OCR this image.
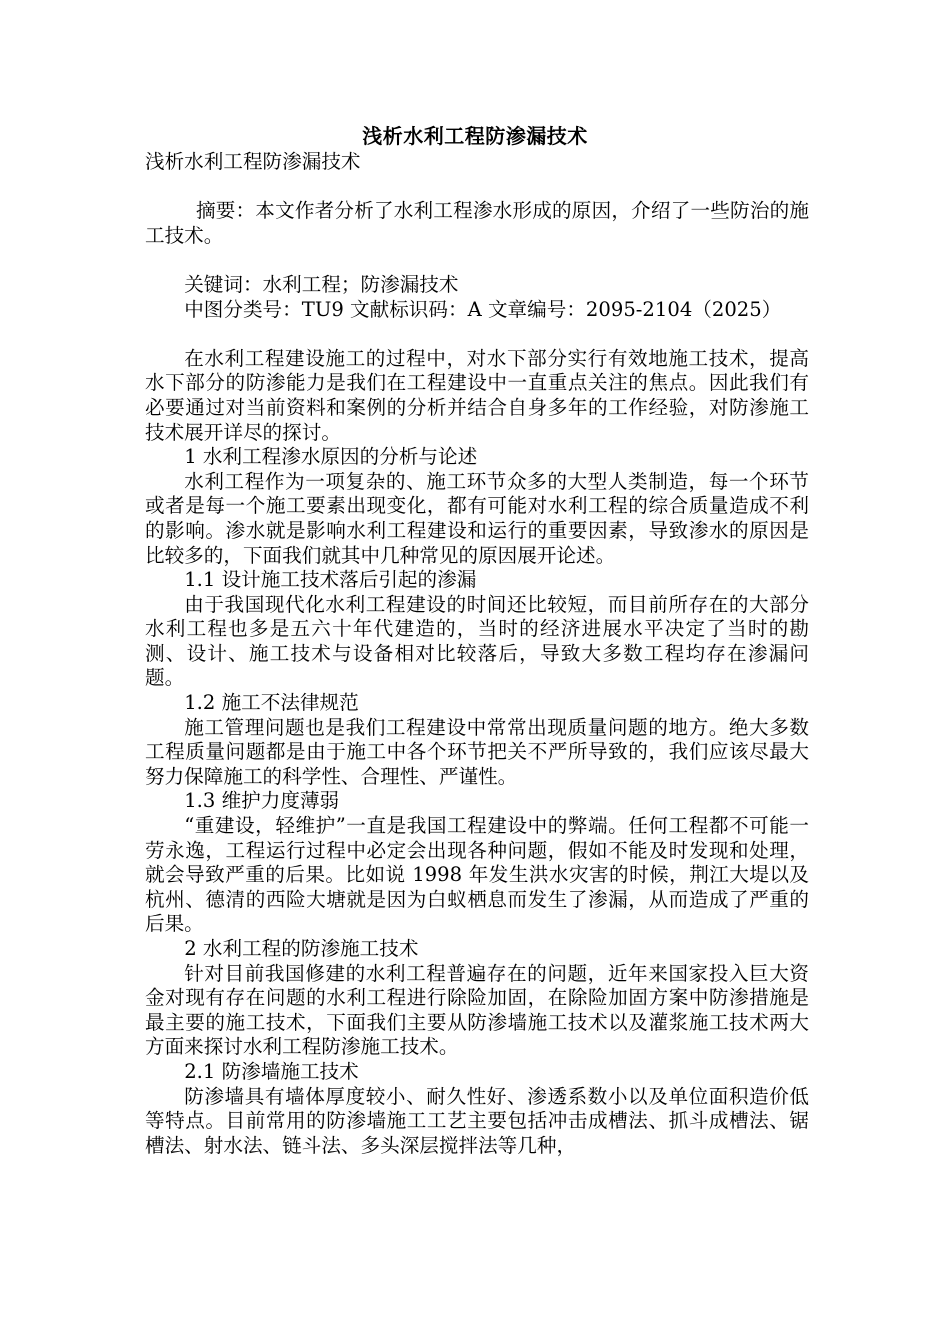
浅析水利工程防渗漏技术

浅析水利工程防渗漏技术

摘要：本文作者分析了水利工程渗水形成的原因，介绍了一些防治的施工技术。

关键词：水利工程；防渗漏技术

中图分类号：TU9 文献标识码：A 文章编号：2095-2104（2025）

在水利工程建设施工的过程中，对水下部分实行有效地施工技术，提高水下部分的防渗能力是我们在工程建设中一直重点关注的焦点。因此我们有必要通过对当前资料和案例的分析并结合自身多年的工作经验，对防渗施工技术展开详尽的探讨。

1 水利工程渗水原因的分析与论述

水利工程作为一项复杂的、施工环节众多的大型人类制造，每一个环节或者是每一个施工要素出现变化，都有可能对水利工程的综合质量造成不利的影响。渗水就是影响水利工程建设和运行的重要因素，导致渗水的原因是比较多的，下面我们就其中几种常见的原因展开论述。

1.1 设计施工技术落后引起的渗漏

由于我国现代化水利工程建设的时间还比较短，而目前所存在的大部分水利工程也多是五六十年代建造的，当时的经济进展水平决定了当时的勘测、设计、施工技术与设备相对比较落后，导致大多数工程均存在渗漏问题。

1.2 施工不法律规范

施工管理问题也是我们工程建设中常常出现质量问题的地方。绝大多数工程质量问题都是由于施工中各个环节把关不严所导致的，我们应该尽最大努力保障施工的科学性、合理性、严谨性。

1.3 维护力度薄弱

“重建设，轻维护”一直是我国工程建设中的弊端。任何工程都不可能一劳永逸，工程运行过程中必定会出现各种问题，假如不能及时发现和处理，就会导致严重的后果。比如说 1998 年发生洪水灾害的时候，荆江大堤以及杭州、德清的西险大塘就是因为白蚁栖息而发生了渗漏，从而造成了严重的后果。

2 水利工程的防渗施工技术

针对目前我国修建的水利工程普遍存在的问题，近年来国家投入巨大资金对现有存在问题的水利工程进行除险加固，在除险加固方案中防渗措施是最主要的施工技术，下面我们主要从防渗墙施工技术以及灌浆施工技术两大方面来探讨水利工程防渗施工技术。

2.1 防渗墙施工技术

防渗墙具有墙体厚度较小、耐久性好、渗透系数小以及单位面积造价低等特点。目前常用的防渗墙施工工艺主要包括冲击成槽法、抓斗成槽法、锯槽法、射水法、链斗法、多头深层搅拌法等几种，
